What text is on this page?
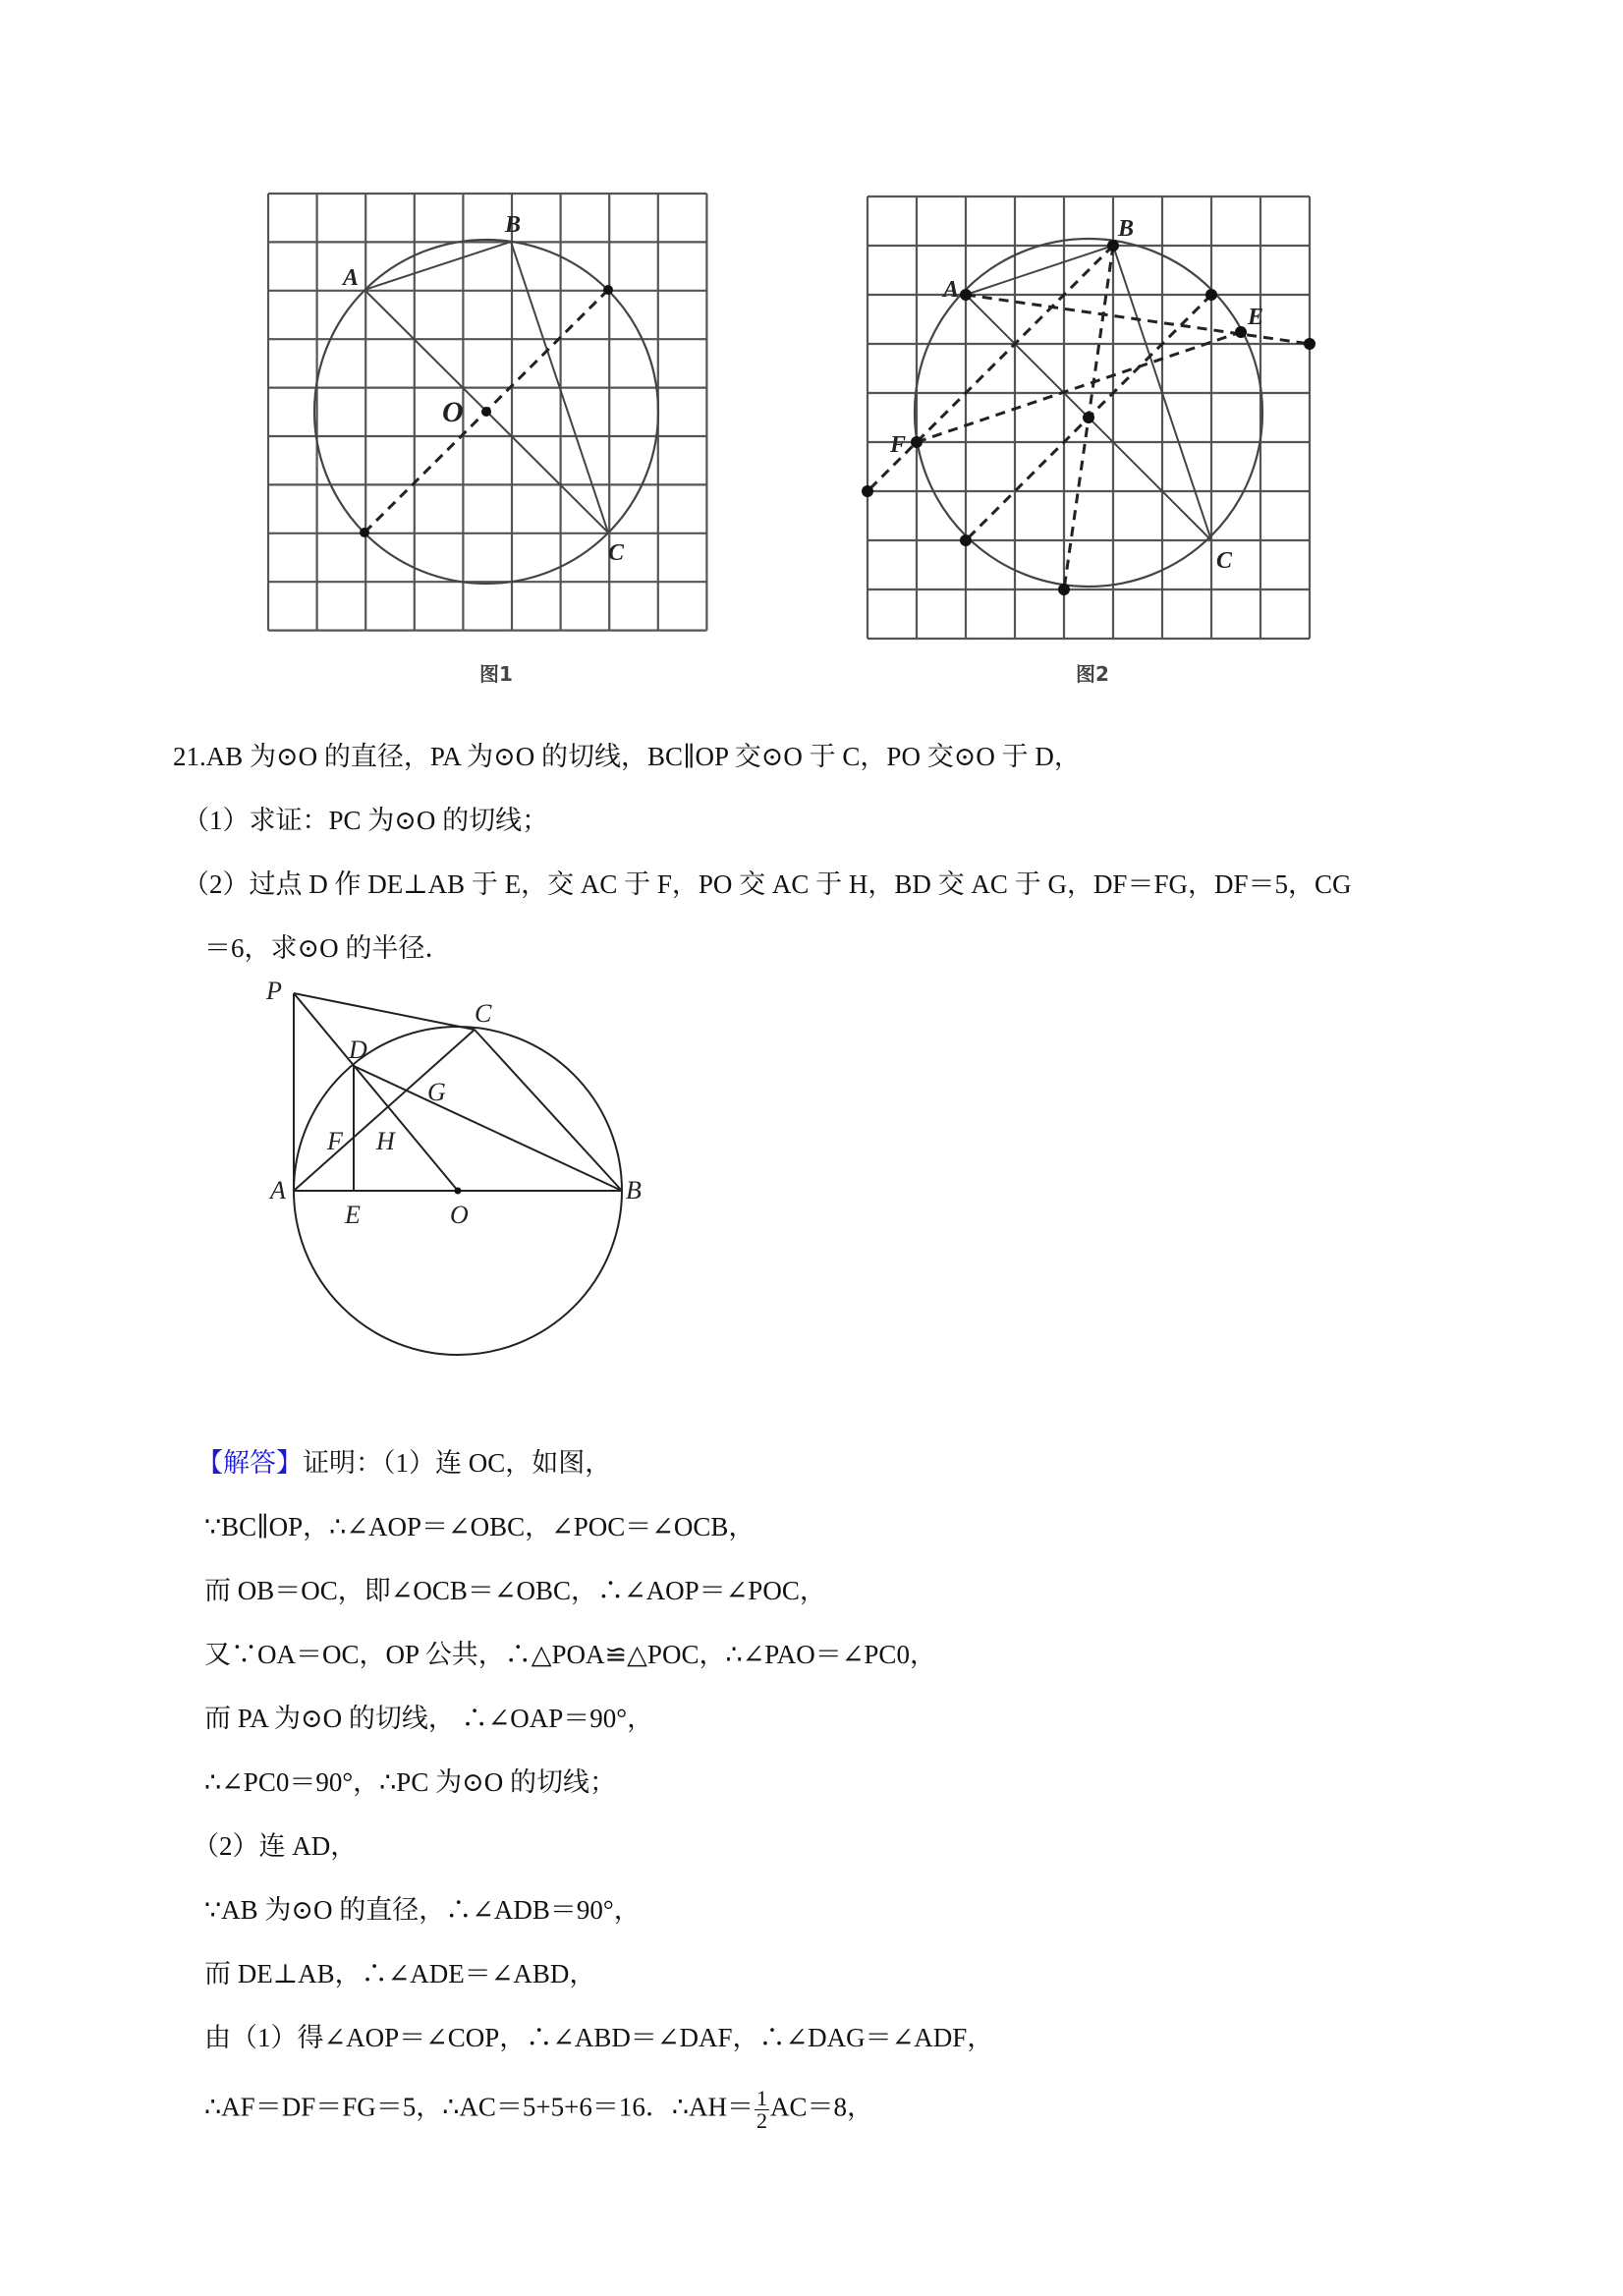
A
B
C
O
图1
A
B
C
E
F
图2
21.AB 为⊙O 的直径，PA 为⊙O 的切线，BC∥OP 交⊙O 于 C，PO 交⊙O 于 D，
（1）求证：PC 为⊙O 的切线；
（2）过点 D 作 DE⊥AB 于 E，交 AC 于 F，PO 交 AC 于 H，BD 交 AC 于 G，DF＝FG，DF＝5，CG
＝6，求⊙O 的半径．
P
C
D
G
F H
A
E	O
B
【解答】证明：（1）连 OC，如图，
∵BC∥OP，∴∠AOP＝∠OBC，∠POC＝∠OCB，
而 OB＝OC，即∠OCB＝∠OBC，∴∠AOP＝∠POC，
又∵OA＝OC，OP 公共，∴△POA≌△POC，∴∠PAO＝∠PC0，
而 PA 为⊙O 的切线， ∴∠OAP＝90°，
∴∠PC0＝90°，∴PC 为⊙O 的切线；
（2）连 AD，
∵AB 为⊙O 的直径，∴∠ADB＝90°，
而 DE⊥AB，∴∠ADE＝∠ABD，
由（1）得∠AOP＝∠COP，∴∠ABD＝∠DAF，∴∠DAG＝∠ADF，
∴AF＝DF＝FG＝5，∴AC＝5+5+6＝16．∴AH＝ $\frac{1}{2} AC=8$，
